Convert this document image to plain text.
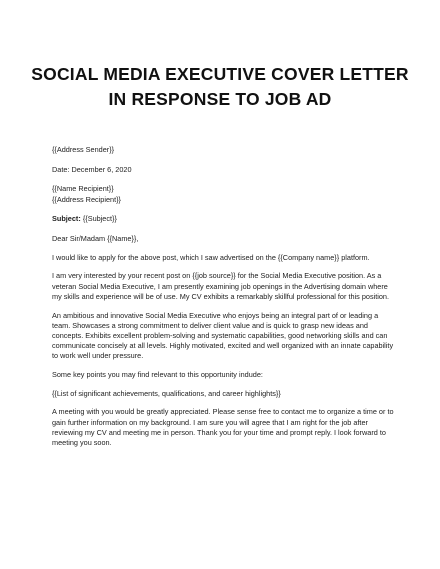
SOCIAL MEDIA EXECUTIVE COVER LETTER
IN RESPONSE TO JOB AD

{{Address Sender}}

Date: December 6, 2020

{{Name Recipient}}

{{Address Recipient}}

Subject: {{Subject}}

Dear Sir/Madam {{Name}},

I would like to apply for the above post, which I saw advertised on the {{Company name}} platform.

I am very interested by your recent post on {{job source}} for the Social Media Executive position. As a veteran Social Media Executive, I am presently examining job openings in the Advertising domain where my skills and experience will be of use. My CV exhibits a remarkably skillful professional for this position.

An ambitious and innovative Social Media Executive who enjoys being an integral part of or leading a team. Showcases a strong commitment to deliver client value and is quick to grasp new ideas and concepts. Exhibits excellent problem-solving and systematic capabilities, good networking skills and can communicate concisely at all levels. Highly motivated, excited and well organized with an innate capability to work well under pressure.

Some key points you may find relevant to this opportunity indude:

{{List of significant achievements, qualifications, and career highlights}}

A meeting with you would be greatly appreciated. Please sense free to contact me to organize a time or to gain further information on my background. I am sure you will agree that I am right for the job after reviewing my CV and meeting me in person. Thank you for your time and prompt reply. I look forward to meeting you soon.
